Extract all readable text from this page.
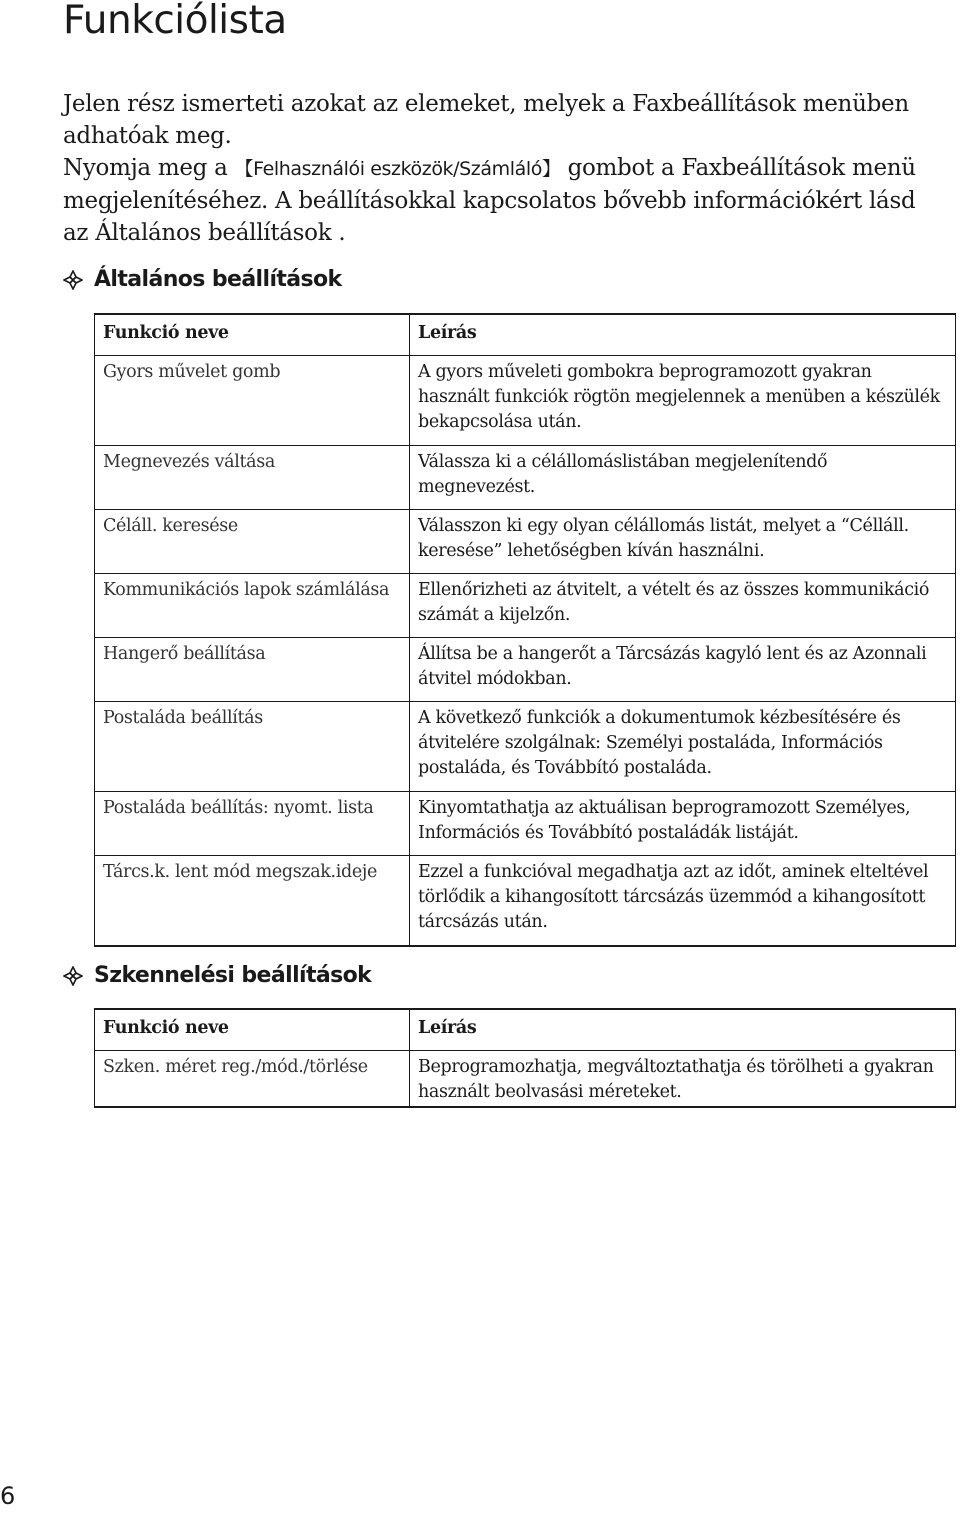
Funkciólista

Jelen rész ismerteti azokat az elemeket, melyek a Faxbeállítások menüben adhatóak meg.

Nyomja meg a 【Felhasználói eszközök/Számláló】 gombot a Faxbeállítások menü megjelenítéséhez. A beállításokkal kapcsolatos bővebb információkért lásd az Általános beállítások .

Általános beállítások
Funkció neve	Leírás
Gyors művelet gomb	A gyors műveleti gombokra beprogramozott gyakran használt funkciók rögtön megjelennek a menüben a készülék bekapcsolása után.
Megnevezés váltása	Válassza ki a célállomáslistában megjelenítendő megnevezést.
Céláll. keresése	Válasszon ki egy olyan célállomás listát, melyet a “Célláll. keresése” lehetőségben kíván használni.
Kommunikációs lapok számlálása	Ellenőrizheti az átvitelt, a vételt és az összes kommunikáció számát a kijelzőn.
Hangerő beállítása	Állítsa be a hangerőt a Tárcsázás kagyló lent és az Azonnali átvitel módokban.
Postaláda beállítás	A következő funkciók a dokumentumok kézbesítésére és átvitelére szolgálnak: Személyi postaláda, Információs postaláda, és Továbbító postaláda.
Postaláda beállítás: nyomt. lista	Kinyomtathatja az aktuálisan beprogramozott Személyes, Információs és Továbbító postaládák listáját.
Tárcs.k. lent mód megszak.ideje	Ezzel a funkcióval megadhatja azt az időt, aminek elteltével törlődik a kihangosított tárcsázás üzemmód a kihangosított tárcsázás után.
Szkennelési beállítások
Funkció neve	Leírás
Szken. méret reg./mód./törlése	Beprogramozhatja, megváltoztathatja és törölheti a gyakran használt beolvasási méreteket.
6
